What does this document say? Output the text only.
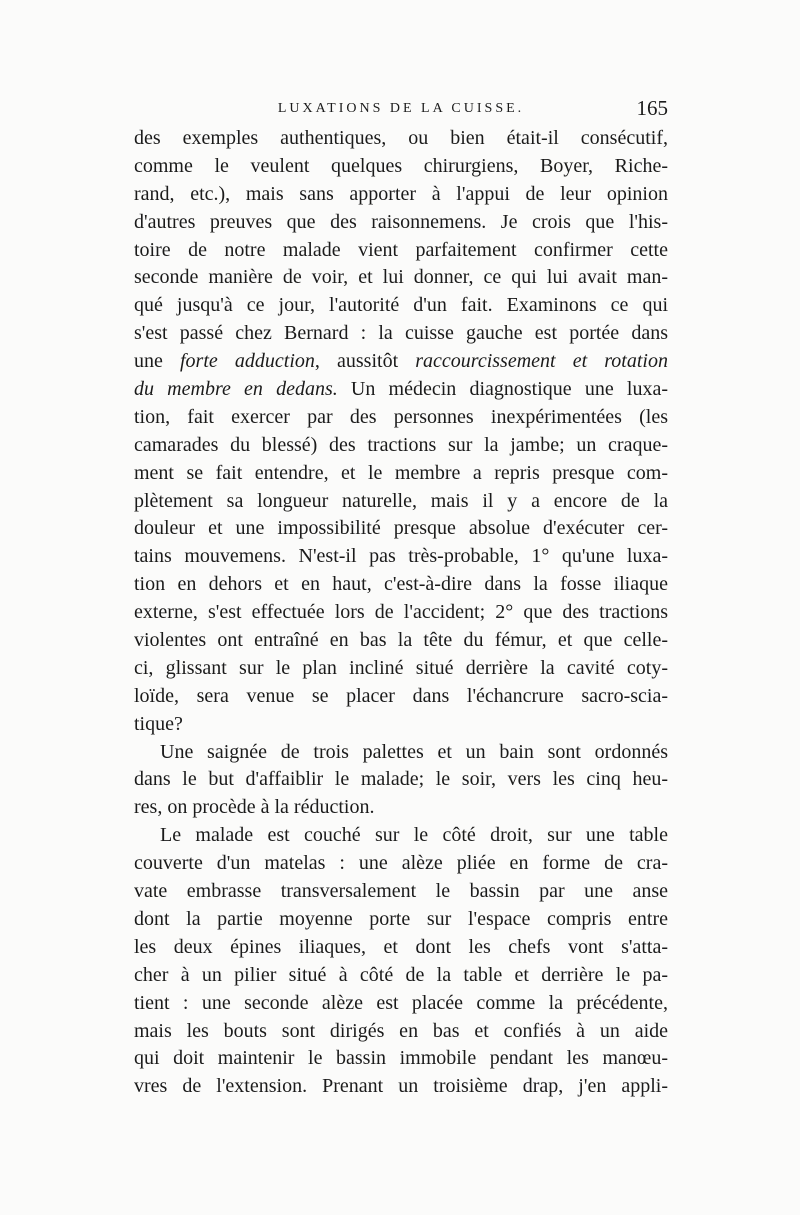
LUXATIONS DE LA CUISSE.	165
des exemples authentiques, ou bien était-il consécutif,
comme le veulent quelques chirurgiens, Boyer, Riche-
rand, etc.), mais sans apporter à l'appui de leur opinion
d'autres preuves que des raisonnemens. Je crois que l'his-
toire de notre malade vient parfaitement confirmer cette
seconde manière de voir, et lui donner, ce qui lui avait man-
qué jusqu'à ce jour, l'autorité d'un fait. Examinons ce qui
s'est passé chez Bernard : la cuisse gauche est portée dans
une forte adduction, aussitôt raccourcissement et rotation
du membre en dedans. Un médecin diagnostique une luxa-
tion, fait exercer par des personnes inexpérimentées (les
camarades du blessé) des tractions sur la jambe; un craque-
ment se fait entendre, et le membre a repris presque com-
plètement sa longueur naturelle, mais il y a encore de la
douleur et une impossibilité presque absolue d'exécuter cer-
tains mouvemens. N'est-il pas très-probable, 1° qu'une luxa-
tion en dehors et en haut, c'est-à-dire dans la fosse iliaque
externe, s'est effectuée lors de l'accident; 2° que des tractions
violentes ont entraîné en bas la tête du fémur, et que celle-
ci, glissant sur le plan incliné situé derrière la cavité coty-
loïde, sera venue se placer dans l'échancrure sacro-scia-
tique?
Une saignée de trois palettes et un bain sont ordonnés
dans le but d'affaiblir le malade; le soir, vers les cinq heu-
res, on procède à la réduction.
Le malade est couché sur le côté droit, sur une table
couverte d'un matelas : une alèze pliée en forme de cra-
vate embrasse transversalement le bassin par une anse
dont la partie moyenne porte sur l'espace compris entre
les deux épines iliaques, et dont les chefs vont s'atta-
cher à un pilier situé à côté de la table et derrière le pa-
tient : une seconde alèze est placée comme la précédente,
mais les bouts sont dirigés en bas et confiés à un aide
qui doit maintenir le bassin immobile pendant les manœu-
vres de l'extension. Prenant un troisième drap, j'en appli-
